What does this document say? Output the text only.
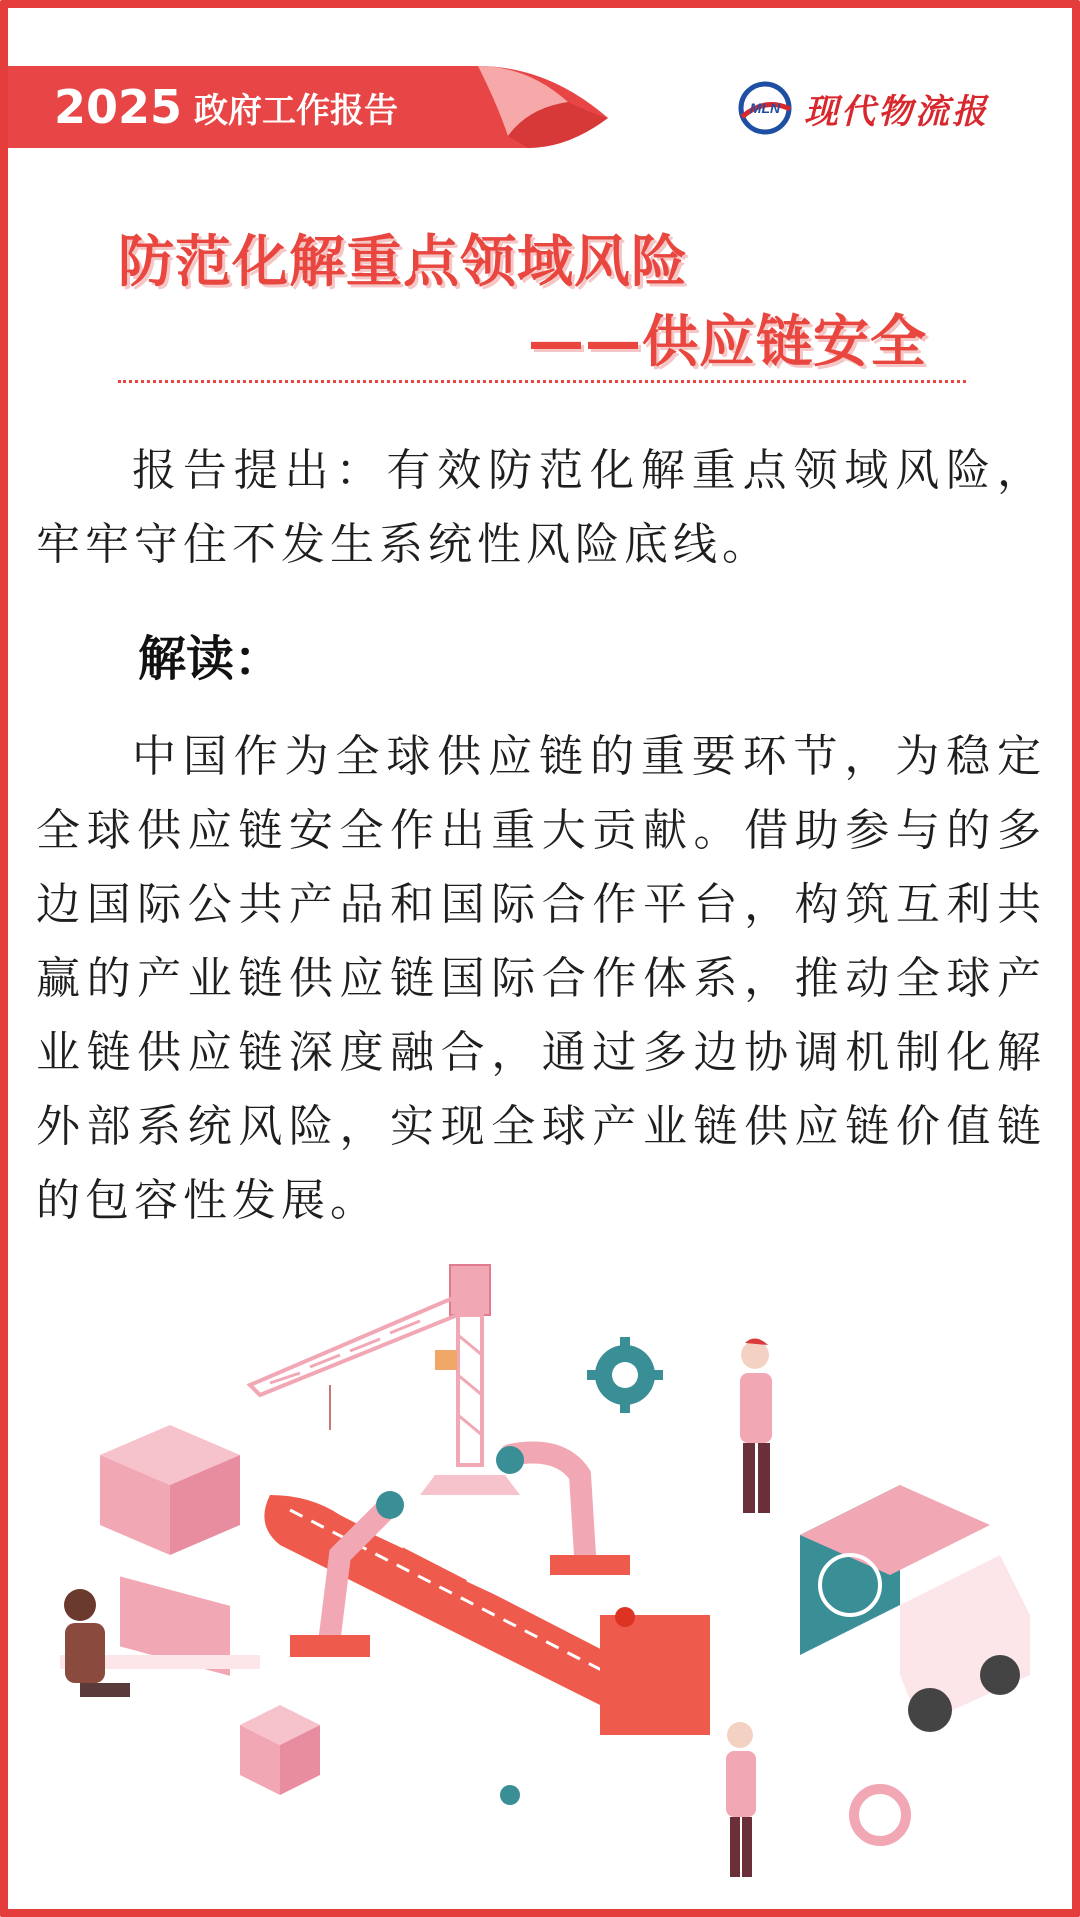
2025 政府工作报告	MLN 现代物流报
防范化解重点领域风险
——供应链安全

报告提出：有效防范化解重点领域风险，牢牢守住不发生系统性风险底线。

解读：

中国作为全球供应链的重要环节，为稳定全球供应链安全作出重大贡献。借助参与的多边国际公共产品和国际合作平台，构筑互利共赢的产业链供应链国际合作体系，推动全球产业链供应链深度融合，通过多边协调机制化解外部系统风险，实现全球产业链供应链价值链的包容性发展。
